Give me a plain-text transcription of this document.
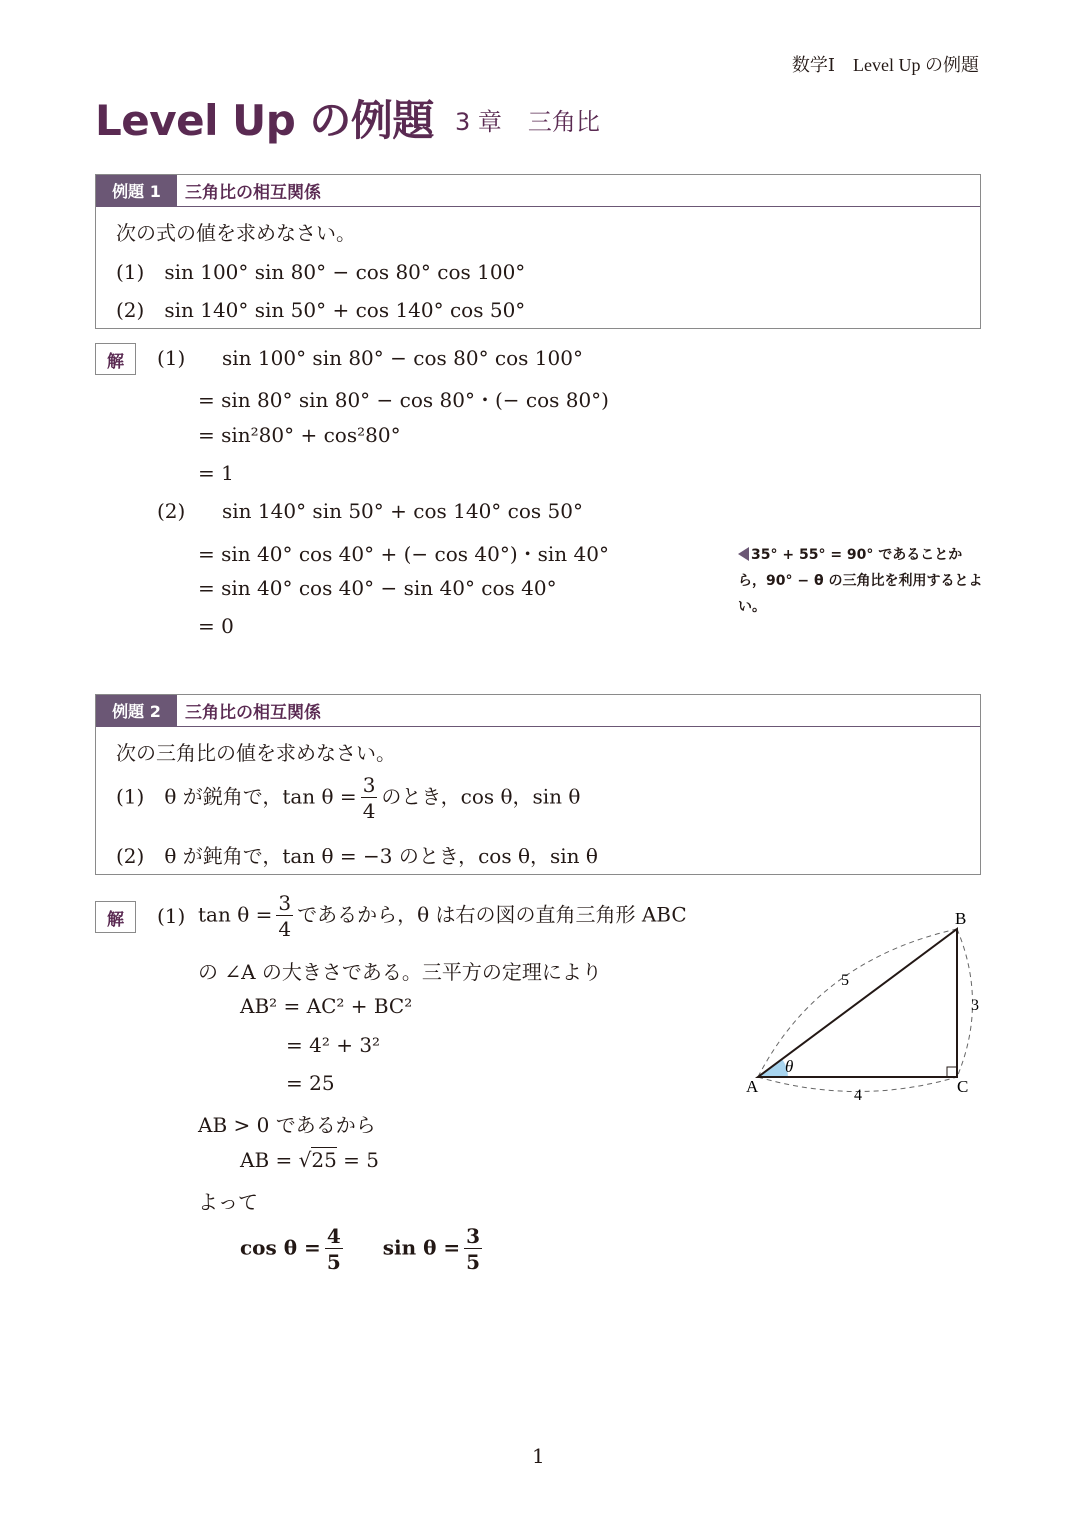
数学Ⅰ　Level Up の例題
Level Up の例題 3 章 三角比
例題 1	三角比の相互関係
次の式の値を求めなさい。
(1)　sin 100° sin 80° − cos 80° cos 100°
(2)　sin 140° sin 50° + cos 140° cos 50°
解	(1) sin 100° sin 80° − cos 80° cos 100°
= sin 80° sin 80° − cos 80°・(− cos 80°)
= sin²80° + cos²80°
= 1
(2) sin 140° sin 50° + cos 140° cos 50°
= sin 40° cos 40° + (− cos 40°)・sin 40°
= sin 40° cos 40° − sin 40° cos 40°
= 0
35° + 55° = 90° であることから，90° − θ の三角比を利用するとよい。
例題 2	三角比の相互関係
次の三角比の値を求めなさい。
(1)　θ が鋭角で，$\tan \theta = \frac{3}{4}$ のとき，cos θ，sin θ
(2)　θ が鈍角で，tan θ = −3 のとき，cos θ，sin θ
解	(1) $\tan \theta = \frac{3}{4}$ であるから，θ は右の図の直角三角形 ABC
の ∠A の大きさである。三平方の定理により
AB² = AC² + BC²
= 4² + 3²
= 25
AB > 0 であるから
AB = √25 = 5
よって
$\cos \theta = \frac{4}{5}$ $\sin \theta = \frac{3}{5}$
A
B
C
5
3
4
θ
1
